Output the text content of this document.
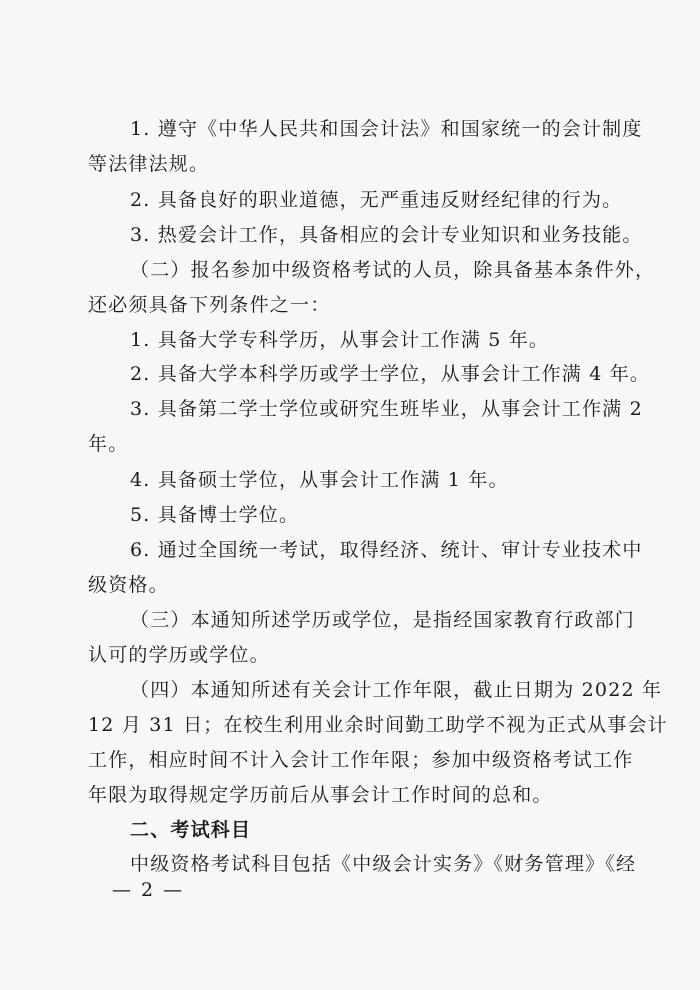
1. 遵守《中华人民共和国会计法》和国家统一的会计制度
等法律法规。
2. 具备良好的职业道德，无严重违反财经纪律的行为。
3. 热爱会计工作，具备相应的会计专业知识和业务技能。
（二）报名参加中级资格考试的人员，除具备基本条件外，
还必须具备下列条件之一：
1. 具备大学专科学历，从事会计工作满 5 年。
2. 具备大学本科学历或学士学位，从事会计工作满 4 年。
3. 具备第二学士学位或研究生班毕业，从事会计工作满 2
年。
4. 具备硕士学位，从事会计工作满 1 年。
5. 具备博士学位。
6. 通过全国统一考试，取得经济、统计、审计专业技术中
级资格。
（三）本通知所述学历或学位，是指经国家教育行政部门
认可的学历或学位。
（四）本通知所述有关会计工作年限，截止日期为 2022 年
12 月 31 日；在校生利用业余时间勤工助学不视为正式从事会计
工作，相应时间不计入会计工作年限；参加中级资格考试工作
年限为取得规定学历前后从事会计工作时间的总和。
二、考试科目
中级资格考试科目包括《中级会计实务》《财务管理》《经
— 2 —
